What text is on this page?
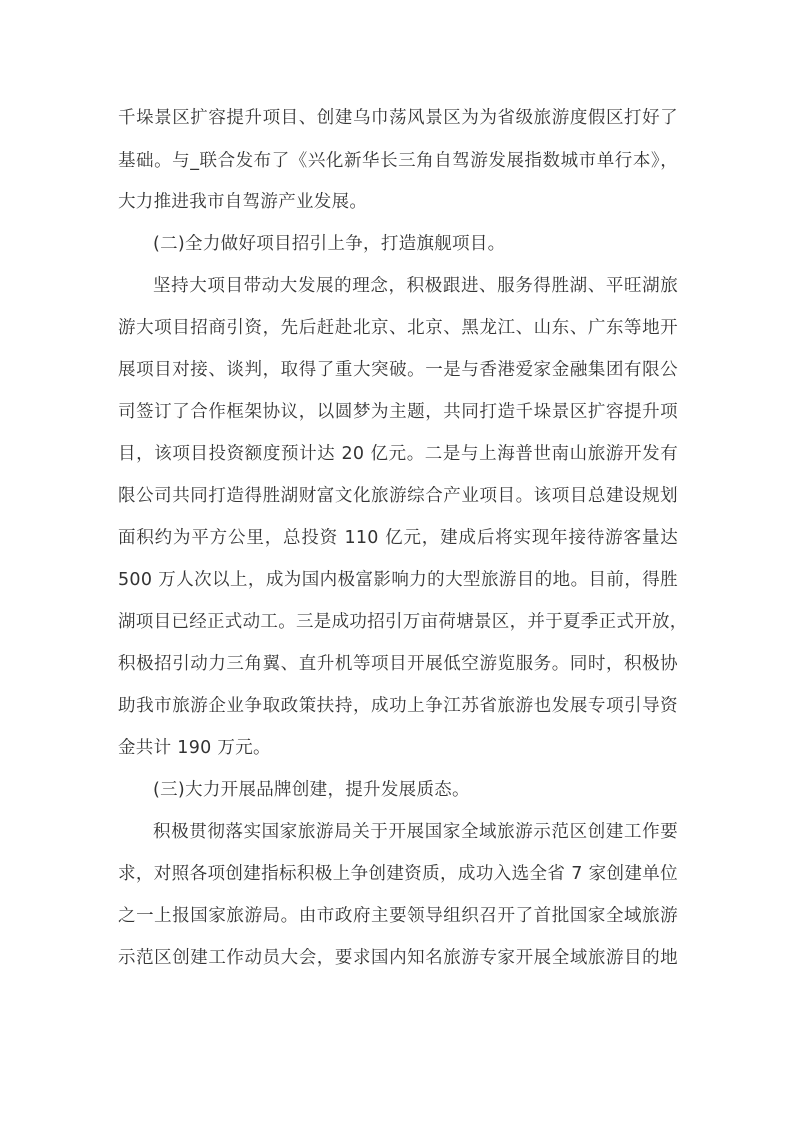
千垛景区扩容提升项目、创建乌巾荡风景区为为省级旅游度假区打好了
基础。与_联合发布了《兴化新华长三角自驾游发展指数城市单行本》，
大力推进我市自驾游产业发展。
(二)全力做好项目招引上争，打造旗舰项目。
坚持大项目带动大发展的理念，积极跟进、服务得胜湖、平旺湖旅
游大项目招商引资，先后赶赴北京、北京、黑龙江、山东、广东等地开
展项目对接、谈判，取得了重大突破。一是与香港爱家金融集团有限公
司签订了合作框架协议，以圆梦为主题，共同打造千垛景区扩容提升项
目，该项目投资额度预计达 20 亿元。二是与上海普世南山旅游开发有
限公司共同打造得胜湖财富文化旅游综合产业项目。该项目总建设规划
面积约为平方公里，总投资 110 亿元，建成后将实现年接待游客量达
500 万人次以上，成为国内极富影响力的大型旅游目的地。目前，得胜
湖项目已经正式动工。三是成功招引万亩荷塘景区，并于夏季正式开放，
积极招引动力三角翼、直升机等项目开展低空游览服务。同时，积极协
助我市旅游企业争取政策扶持，成功上争江苏省旅游也发展专项引导资
金共计 190 万元。
(三)大力开展品牌创建，提升发展质态。
积极贯彻落实国家旅游局关于开展国家全域旅游示范区创建工作要
求，对照各项创建指标积极上争创建资质，成功入选全省 7 家创建单位
之一上报国家旅游局。由市政府主要领导组织召开了首批国家全域旅游
示范区创建工作动员大会，要求国内知名旅游专家开展全域旅游目的地
